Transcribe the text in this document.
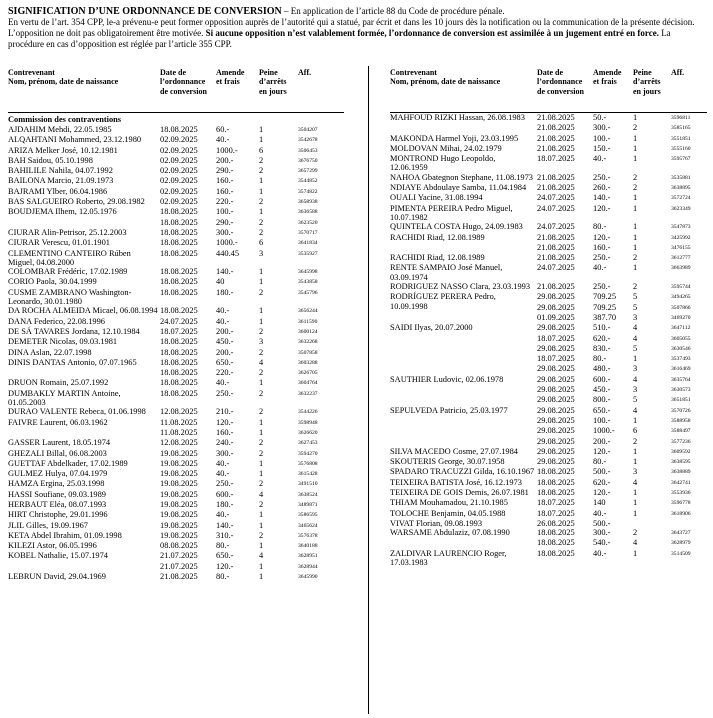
SIGNIFICATION D’UNE ORDONNANCE DE CONVERSION – En application de l’article 88 du Code de procédure pénale.
En vertu de l’art. 354 CPP, le-a prévenu-e peut former opposition auprès de l’autorité qui a statué, par écrit et dans les 10 jours dès la notification ou la communication de la présente décision. L’opposition ne doit pas obligatoirement être motivée. Si aucune opposition n’est valablement formée, l’ordonnance de conversion est assimilée à un jugement entré en force. La procédure en cas d’opposition est réglée par l’article 355 CPP.
Contrevenant
Nom, prénom, date de naissance
Date de
l’ordonnance
de conversion
Amende
et frais
Peine
d’arrêts
en jours
Aff.
Commission des contraventions
AJDAHIM Mehdi, 22.05.1985	18.08.2025	60.-	1	3504207
ALQAHTANI Mohammed, 23.12.1980	02.09.2025	40.-	1	3542678
ARIZA Melker José, 10.12.1981	02.09.2025	1000.-	6	3506453
BAH Saidou, 05.10.1998	02.09.2025	200.-	2	3676750
BAHILILE Nahila, 04.07.1992	02.09.2025	290.-	2	3657299
BAILONA Marcio, 21.09.1973	02.09.2025	160.-	1	3544852
BAJRAMI Ylber, 06.04.1986	02.09.2025	160.-	1	3574822
BAS SALGUEIRO Roberto, 29.08.1982	02.09.2025	220.-	2	3658938
BOUDJEMA Ilhem, 12.05.1976	18.08.2025	100.-	1	3636588
18.08.2025	290.-	2	3623520
CIURAR Alin-Petrisor, 25.12.2003	18.08.2025	300.-	2	3570717
CIURAR Verescu, 01.01.1901	18.08.2025	1000.-	6	3641834
CLEMENTINO CANTEIRO Rúben Miguel, 04.08.2000
18.08.2025	440.45	3	3535927
COLOMBAR Frédéric, 17.02.1989	18.08.2025	140.-	1	3645998
CORIO Paola, 30.04.1999	18.08.2025	40	1	3543858
CUSME ZAMBRANO Washington-Leonardo, 30.01.1980
18.08.2025	180.-	2	3545796
DA ROCHA ALMEIDA Micael, 06.08.1994 18.08.2025	40.-	1	3656244
DANA Federico, 22.08.1996	24.07.2025	40.-	1	3611590
DE SÁ TAVARES Jordana, 12.10.1984	18.07.2025	200.-	2	3600124
DEMETER Nicolas, 09.03.1981	18.08.2025	450.-	3	3632268
DINA Aslan, 22.07.1998	18.08.2025	200.-	2	3507858
DINIS DANTAS Antonio, 07.07.1965	18.08.2025	650.-	4	3603288
18.08.2025	220.-	2	3626705
DRUON Romain, 25.07.1992	18.08.2025	40.-	1	3604764
DUMBAKLY MARTIN Antoine, 01.05.2003
18.08.2025	250.-	2	3632237
DURAO VALENTE Rebeca, 01.06.1998	12.08.2025	210.-	2	3544226
FAIVRE Laurent, 06.03.1962	11.08.2025	120.-	1	3598948
11.08.2025	160.-	1	3626620
GASSER Laurent, 18.05.1974	12.08.2025	240.-	2	3627453
GHEZALI Billal, 06.08.2003	19.08.2025	300.-	2	3594270
GUETTAF Abdelkader, 17.02.1989	19.08.2025	40.-	1	3576808
GULMEZ Hulya, 07.04.1979	19.08.2025	40.-	1	3615428
HAMZA Ergina, 25.03.1998	19.08.2025	250.-	2	3491510
HASSI Soufiane, 09.03.1989	19.08.2025	600.-	4	3638524
HERBAUT Eléa, 08.07.1993	19.08.2025	180.-	2	3489871
HIRT Christophe, 29.01.1996	19.08.2025	40.-	1	3586595
JLIL Gilles, 19.09.1967	19.08.2025	140.-	1	3465624
KETA Abdel Ibrahim, 01.09.1998	19.08.2025	310.-	2	3576378
KILEZI Astor, 06.05.1996	08.08.2025	80.-	1	3640188
KOBEL Nathalie, 15.07.1974	21.07.2025	650.-	4	3628951
21.07.2025	120.-	1	3628944
LEBRUN David, 29.04.1969	21.08.2025	80.-	1	3645990
Contrevenant
Nom, prénom, date de naissance
Date de
l’ordonnance
de conversion
Amende
et frais
Peine
d’arrêts
en jours
Aff.
MAHFOUD RIZKI Hassan, 26.08.1983	21.08.2025	50.-	1	3596811
21.08.2025	300.-	2	3585165
MAKONDA Harmel Yoji, 23.03.1995	21.08.2025	100.-	1	3551851
MOLDOVAN Mihai, 24.02.1979	21.08.2025	150.-	1	3555160
MONTROND Hugo Leopoldo, 12.06.1959
18.07.2025	40.-	1	3595767
NAHOA Gbategnon Stephane, 11.08.1973 21.08.2025	250.-	2	3535881
NDIAYE Abdoulaye Samba, 11.04.1984	21.08.2025	260.-	2	3638895
OUALI Yacine, 31.08.1994	24.07.2025	140.-	1	3572724
PIMENTA PEREIRA Pedro Miguel, 10.07.1982
24.07.2025	120.-	1	3623349
QUINTELA COSTA Hugo, 24.09.1983	24.07.2025	80.-	1	3547873
RACHIDI Riad, 12.08.1989	21.08.2025	120.-	1	3425992
21.08.2025	160.-	1	3476155
RACHIDI Riad, 12.08.1989	21.08.2025	250.-	2	3612777
RENTE SAMPAIO José Manuel, 03.09.1974
24.07.2025	40.-	1	3663989
RODRIGUEZ NASSO Clara, 23.03.1993 21.08.2025	250.-	2	3595744
RODRÍGUEZ PERERA Pedro, 10.09.1998
29.08.2025	709.25	5	3494265
29.08.2025	709.25	5	3507866
01.09.2025	387.70	3	3469270
SAIDI Ilyas, 20.07.2000	29.08.2025	510.-	4	3647112
18.07.2025	620.-	4	3605055
29.08.2025	830.-	5	3630546
18.07.2025	80.-	1	3537493
29.08.2025	480.-	3	3616469
SAUTHIER Ludovic, 02.06.1978	29.08.2025	600.-	4	3635764
29.08.2025	450.-	3	3630573
29.08.2025	800.-	5	3651851
SEPULVEDA Patricio, 25.03.1977	29.08.2025	650.-	4	3570726
29.08.2025	100.-	1	3588958
29.08.2025	1000.-	6	3588497
29.08.2025	200.-	2	3577236
SILVA MACEDO Cosme, 27.07.1984	29.08.2025	120.-	1	3609592
SKOUTERIS George, 30.07.1958	29.08.2025	80.-	1	3638595
SPADARO TRACUZZI Gilda, 16.10.1967 18.08.2025	500.-	3	3638889
TEIXEIRA BATISTA José, 16.12.1973	18.08.2025	620.-	4	3642741
TEIXEIRA DE GOIS Demis, 26.07.1981 18.08.2025	120.-	1	3553936
THIAM Mouhamadou, 21.10.1985	18.07.2025	140	1	3596778
TOLOCHE Benjamin, 04.05.1988	18.07.2025	40.-	1	3618906
VIVAT Florian, 09.08.1993	26.08.2025	500.-
WARSAME Abdulaziz, 07.08.1990	18.08.2025	300.-	2	3643727
18.08.2025	540.-	4	3628979
ZALDIVAR LAURENCIO Roger, 17.03.1983
18.08.2025	40.-	1	3514509
